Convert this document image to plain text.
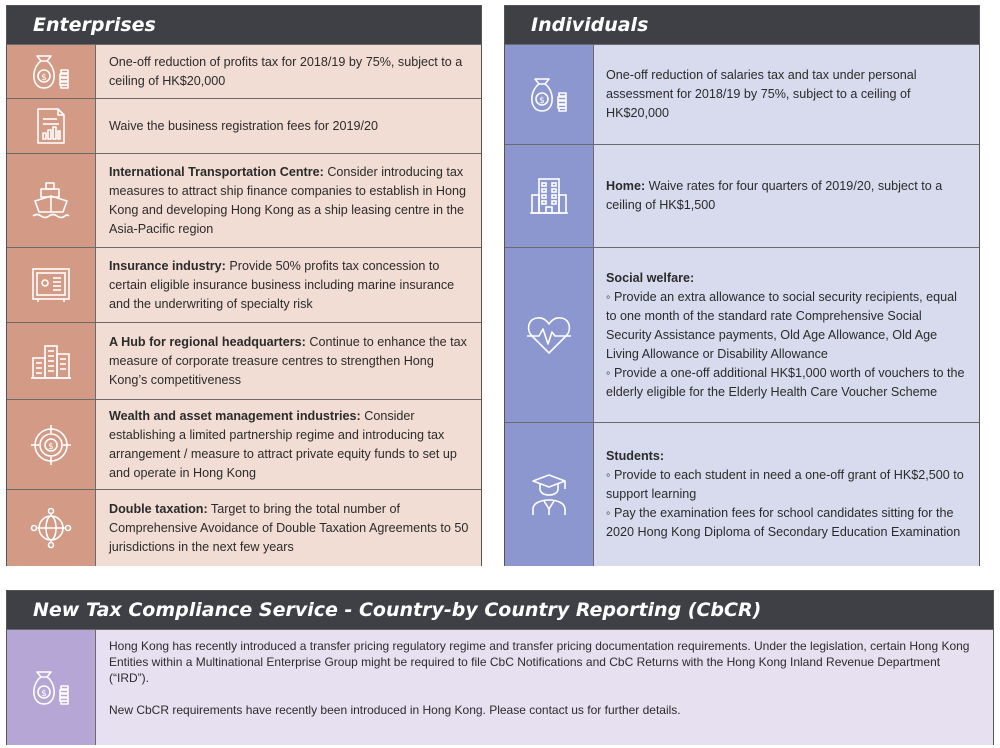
Enterprises
$
One-off reduction of profits tax for 2018/19 by 75%, subject to a ceiling of HK$20,000
Waive the business registration fees for 2019/20
International Transportation Centre: Consider introducing tax measures to attract ship finance companies to establish in Hong Kong and developing Hong Kong as a ship leasing centre in the Asia-Pacific region
Insurance industry: Provide 50% profits tax concession to certain eligible insurance business including marine insurance and the underwriting of specialty risk
A Hub for regional headquarters: Continue to enhance the tax measure of corporate treasure centres to strengthen Hong Kong’s competitiveness
$
Wealth and asset management industries: Consider establishing a limited partnership regime and introducing tax arrangement / measure to attract private equity funds to set up and operate in Hong Kong
Double taxation: Target to bring the total number of Comprehensive Avoidance of Double Taxation Agreements to 50 jurisdictions in the next few years
Individuals
$
One-off reduction of salaries tax and tax under personal assessment for 2018/19 by 75%, subject to a ceiling of HK$20,000
Home: Waive rates for four quarters of 2019/20, subject to a ceiling of HK$1,500
Social welfare:
◦ Provide an extra allowance to social security recipients, equal to one month of the standard rate Comprehensive Social Security Assistance payments, Old Age Allowance, Old Age Living Allowance or Disability Allowance
◦ Provide a one-off additional HK$1,000 worth of vouchers to the elderly eligible for the Elderly Health Care Voucher Scheme
Students:
◦ Provide to each student in need a one-off grant of HK$2,500 to support learning
◦ Pay the examination fees for school candidates sitting for the 2020 Hong Kong Diploma of Secondary Education Examination
New Tax Compliance Service - Country-by Country Reporting (CbCR)
$

Hong Kong has recently introduced a transfer pricing regulatory regime and transfer pricing documentation requirements. Under the legislation, certain Hong Kong Entities within a Multinational Enterprise Group might be required to file CbC Notifications and CbC Returns with the Hong Kong Inland Revenue Department (“IRD”).

New CbCR requirements have recently been introduced in Hong Kong. Please contact us for further details.
